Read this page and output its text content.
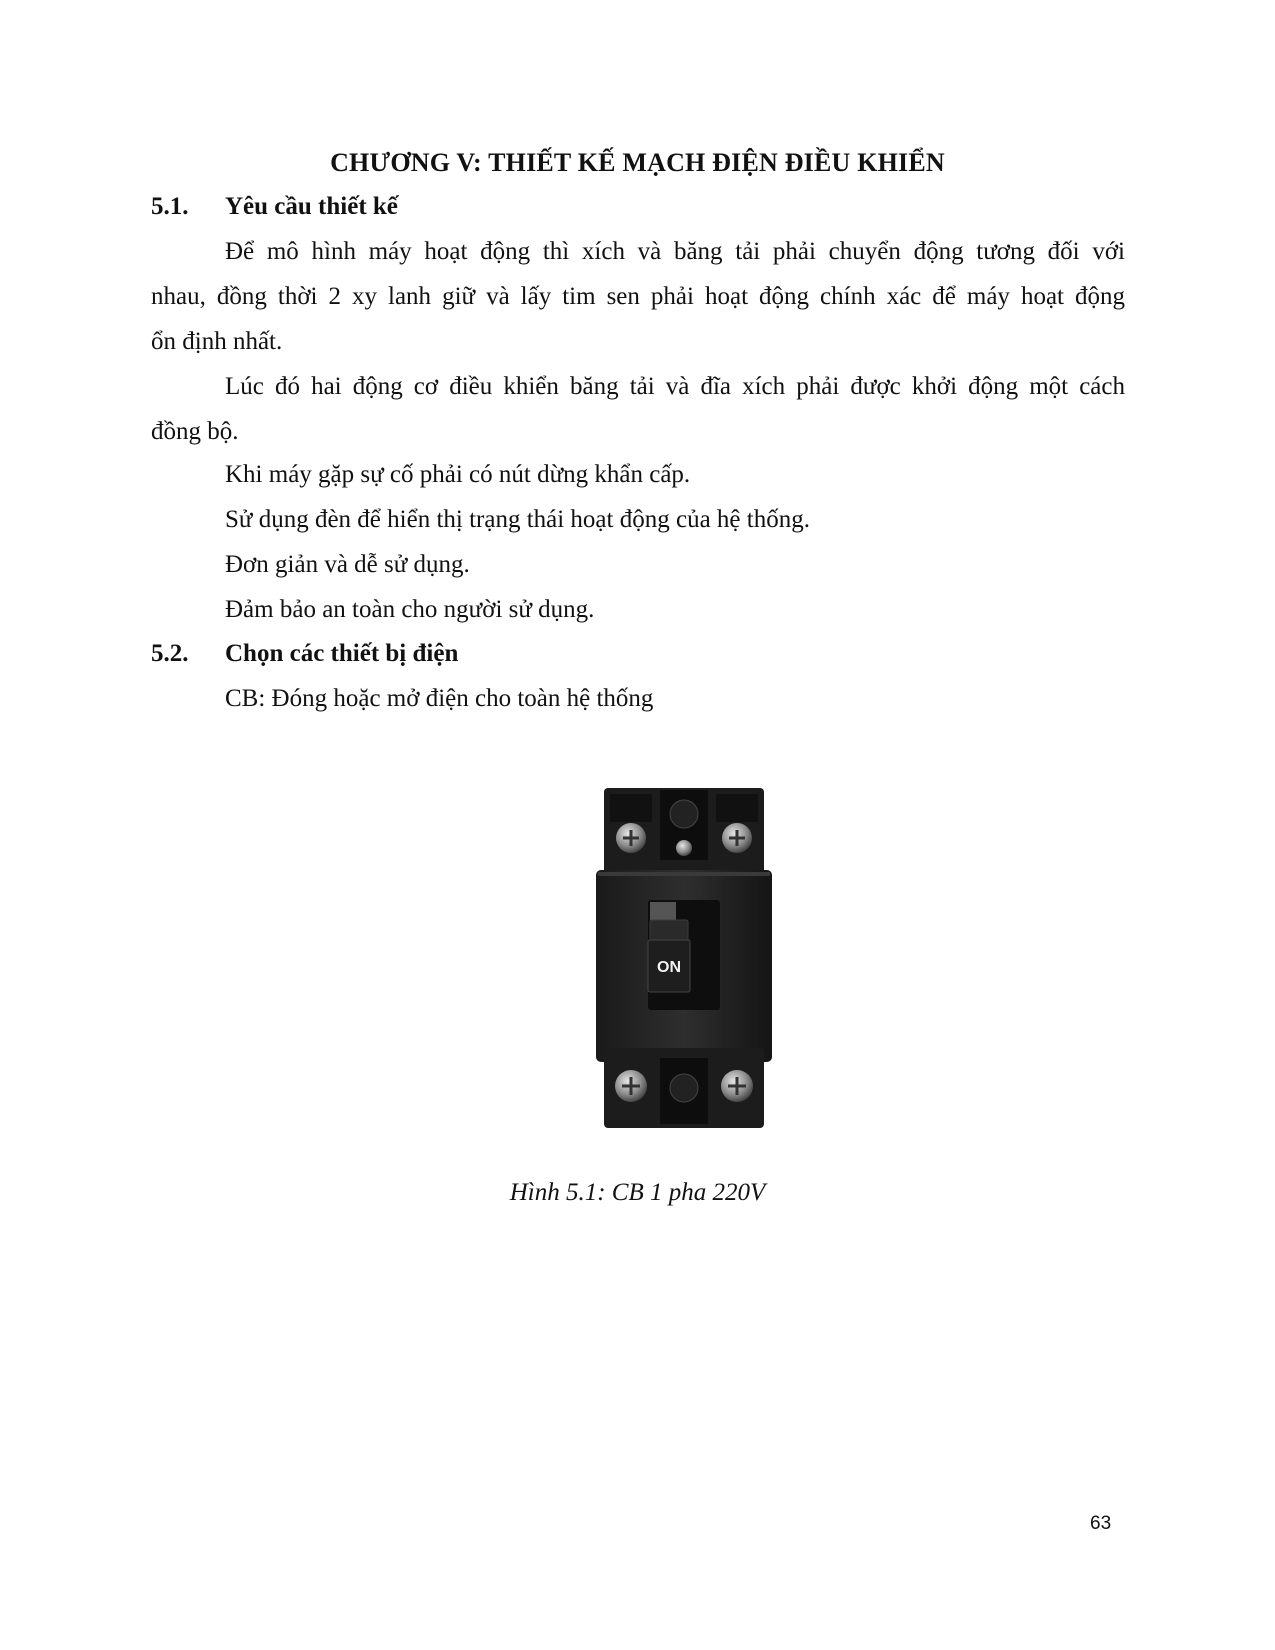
CHƯƠNG V: THIẾT KẾ MẠCH ĐIỆN ĐIỀU KHIỂN
5.1. Yêu cầu thiết kế
Để mô hình máy hoạt động thì xích và băng tải phải chuyển động tương đối với
nhau, đồng thời 2 xy lanh giữ và lấy tim sen phải hoạt động chính xác để máy hoạt động
ổn định nhất.
Lúc đó hai động cơ điều khiển băng tải và đĩa xích phải được khởi động một cách
đồng bộ.
Khi máy gặp sự cố phải có nút dừng khẩn cấp.
Sử dụng đèn để hiển thị trạng thái hoạt động của hệ thống.
Đơn giản và dễ sử dụng.
Đảm bảo an toàn cho người sử dụng.
5.2. Chọn các thiết bị điện
CB: Đóng hoặc mở điện cho toàn hệ thống
ON
Hình 5.1: CB 1 pha 220V
63
